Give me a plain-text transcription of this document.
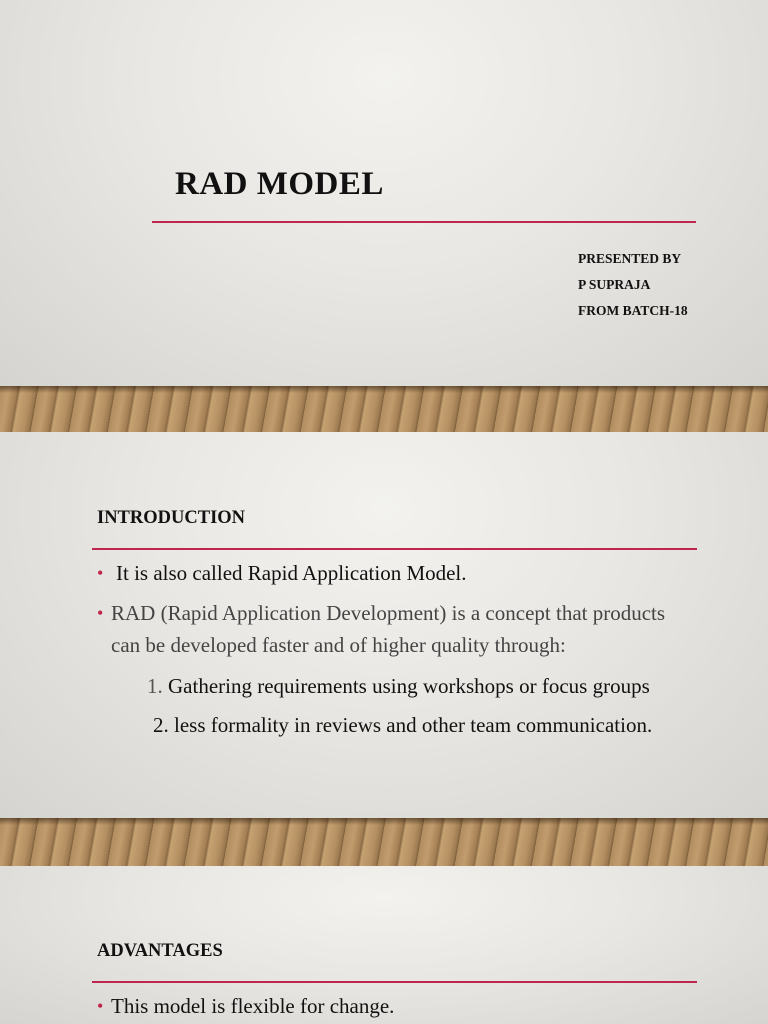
RAD MODEL
PRESENTED BY
P SUPRAJA
FROM BATCH-18
INTRODUCTION
• It is also called Rapid Application Model.
• RAD (Rapid Application Development) is a concept that products can be developed faster and of higher quality through:
1. Gathering requirements using workshops or focus groups
2. less formality in reviews and other team communication.
ADVANTAGES
• This model is flexible for change.
